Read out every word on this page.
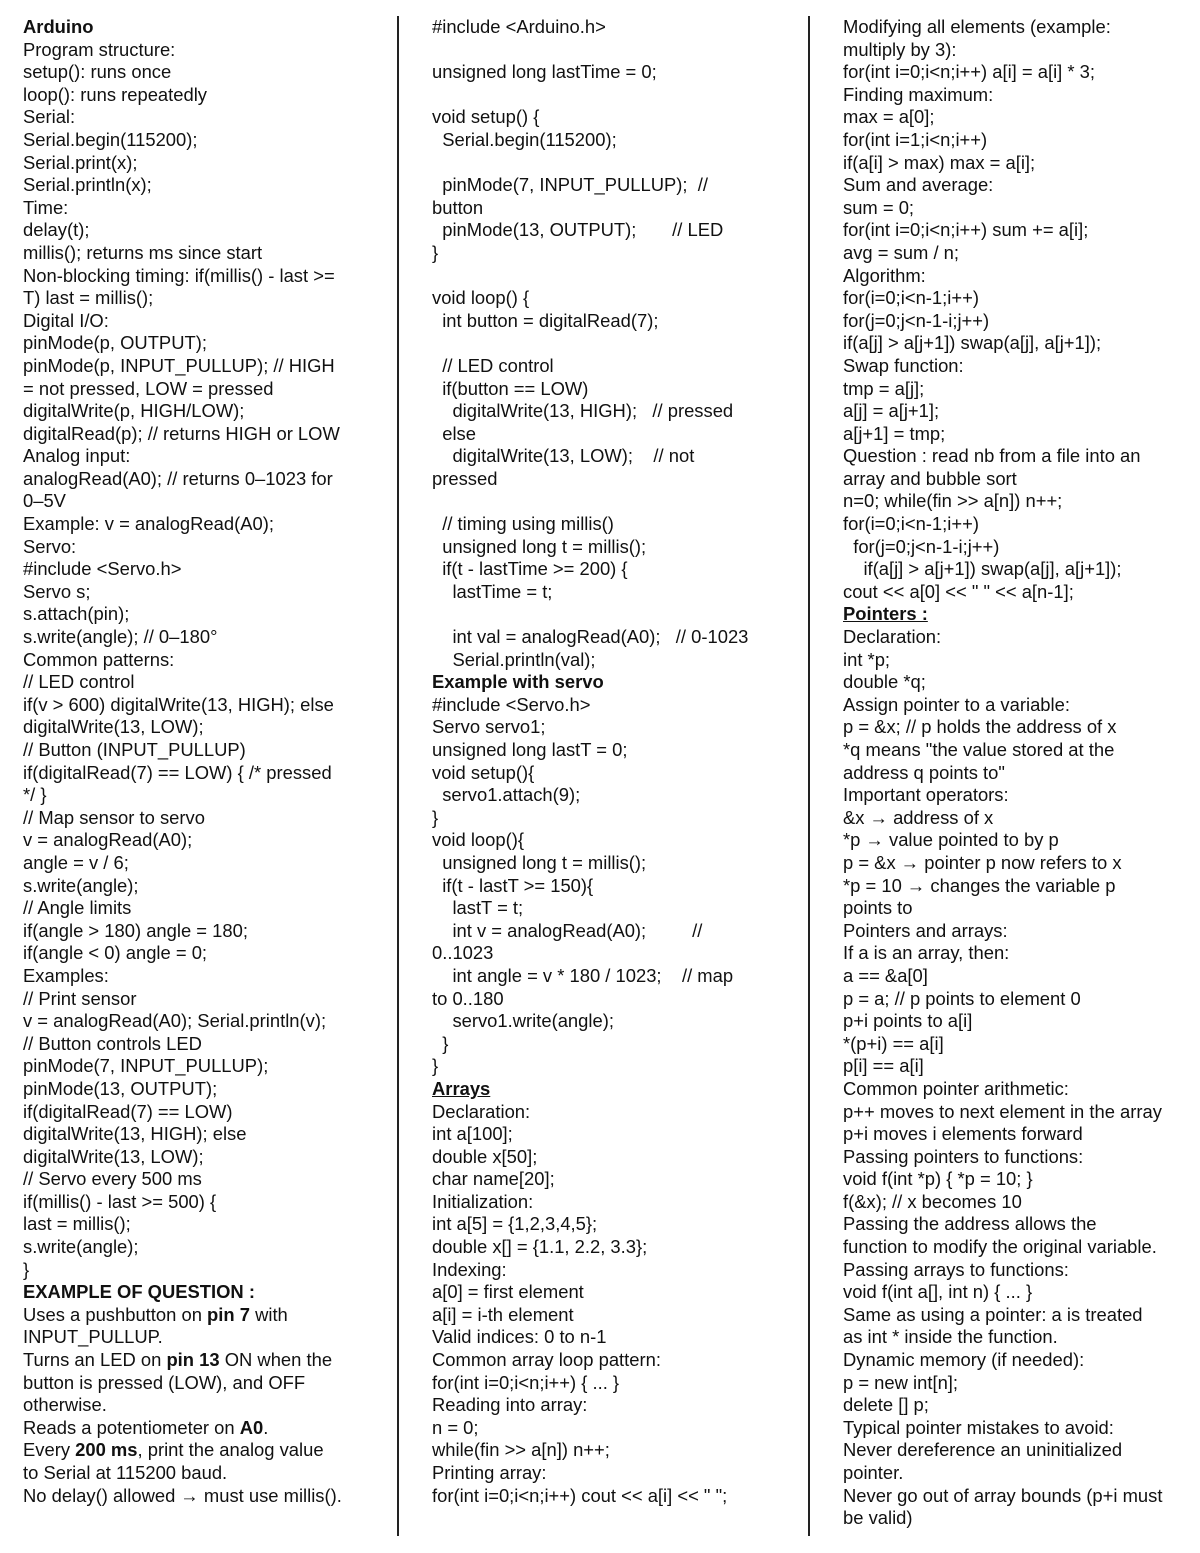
Arduino
Program structure:
setup(): runs once
loop(): runs repeatedly
Serial:
Serial.begin(115200);
Serial.print(x);
Serial.println(x);
Time:
delay(t);
millis(); returns ms since start
Non-blocking timing: if(millis() - last >=
T) last = millis();
Digital I/O:
pinMode(p, OUTPUT);
pinMode(p, INPUT_PULLUP); // HIGH
= not pressed, LOW = pressed
digitalWrite(p, HIGH/LOW);
digitalRead(p); // returns HIGH or LOW
Analog input:
analogRead(A0); // returns 0–1023 for
0–5V
Example: v = analogRead(A0);
Servo:
#include <Servo.h>
Servo s;
s.attach(pin);
s.write(angle); // 0–180°
Common patterns:
// LED control
if(v > 600) digitalWrite(13, HIGH); else
digitalWrite(13, LOW);
// Button (INPUT_PULLUP)
if(digitalRead(7) == LOW) { /* pressed
*/ }
// Map sensor to servo
v = analogRead(A0);
angle = v / 6;
s.write(angle);
// Angle limits
if(angle > 180) angle = 180;
if(angle < 0) angle = 0;
Examples:
// Print sensor
v = analogRead(A0); Serial.println(v);
// Button controls LED
pinMode(7, INPUT_PULLUP);
pinMode(13, OUTPUT);
if(digitalRead(7) == LOW)
digitalWrite(13, HIGH); else
digitalWrite(13, LOW);
// Servo every 500 ms
if(millis() - last >= 500) {
last = millis();
s.write(angle);
}
EXAMPLE OF QUESTION :
Uses a pushbutton on pin 7 with
INPUT_PULLUP.
Turns an LED on pin 13 ON when the
button is pressed (LOW), and OFF
otherwise.
Reads a potentiometer on A0.
Every 200 ms, print the analog value
to Serial at 115200 baud.
No delay() allowed → must use millis().
#include <Arduino.h>
unsigned long lastTime = 0;
void setup() {
Serial.begin(115200);
pinMode(7, INPUT_PULLUP);  //
button
pinMode(13, OUTPUT);       // LED
}
void loop() {
int button = digitalRead(7);
// LED control
if(button == LOW)
digitalWrite(13, HIGH);   // pressed
else
digitalWrite(13, LOW);    // not
pressed
// timing using millis()
unsigned long t = millis();
if(t - lastTime >= 200) {
lastTime = t;
int val = analogRead(A0);   // 0-1023
Serial.println(val);
Example with servo
#include <Servo.h>
Servo servo1;
unsigned long lastT = 0;
void setup(){
servo1.attach(9);
}
void loop(){
unsigned long t = millis();
if(t - lastT >= 150){
lastT = t;
int v = analogRead(A0);         //
0..1023
int angle = v * 180 / 1023;    // map
to 0..180
servo1.write(angle);
}
}
Arrays
Declaration:
int a[100];
double x[50];
char name[20];
Initialization:
int a[5] = {1,2,3,4,5};
double x[] = {1.1, 2.2, 3.3};
Indexing:
a[0] = first element
a[i] = i-th element
Valid indices: 0 to n-1
Common array loop pattern:
for(int i=0;i<n;i++) { ... }
Reading into array:
n = 0;
while(fin >> a[n]) n++;
Printing array:
for(int i=0;i<n;i++) cout << a[i] << " ";
Modifying all elements (example:
multiply by 3):
for(int i=0;i<n;i++) a[i] = a[i] * 3;
Finding maximum:
max = a[0];
for(int i=1;i<n;i++)
if(a[i] > max) max = a[i];
Sum and average:
sum = 0;
for(int i=0;i<n;i++) sum += a[i];
avg = sum / n;
Algorithm:
for(i=0;i<n-1;i++)
for(j=0;j<n-1-i;j++)
if(a[j] > a[j+1]) swap(a[j], a[j+1]);
Swap function:
tmp = a[j];
a[j] = a[j+1];
a[j+1] = tmp;
Question : read nb from a file into an
array and bubble sort
n=0; while(fin >> a[n]) n++;
for(i=0;i<n-1;i++)
for(j=0;j<n-1-i;j++)
if(a[j] > a[j+1]) swap(a[j], a[j+1]);
cout << a[0] << " " << a[n-1];
Pointers :
Declaration:
int *p;
double *q;
Assign pointer to a variable:
p = &x; // p holds the address of x
*q means "the value stored at the
address q points to"
Important operators:
&x → address of x
*p → value pointed to by p
p = &x → pointer p now refers to x
*p = 10 → changes the variable p
points to
Pointers and arrays:
If a is an array, then:
a == &a[0]
p = a; // p points to element 0
p+i points to a[i]
*(p+i) == a[i]
p[i] == a[i]
Common pointer arithmetic:
p++ moves to next element in the array
p+i moves i elements forward
Passing pointers to functions:
void f(int *p) { *p = 10; }
f(&x); // x becomes 10
Passing the address allows the
function to modify the original variable.
Passing arrays to functions:
void f(int a[], int n) { ... }
Same as using a pointer: a is treated
as int * inside the function.
Dynamic memory (if needed):
p = new int[n];
delete [] p;
Typical pointer mistakes to avoid:
Never dereference an uninitialized
pointer.
Never go out of array bounds (p+i must
be valid)
